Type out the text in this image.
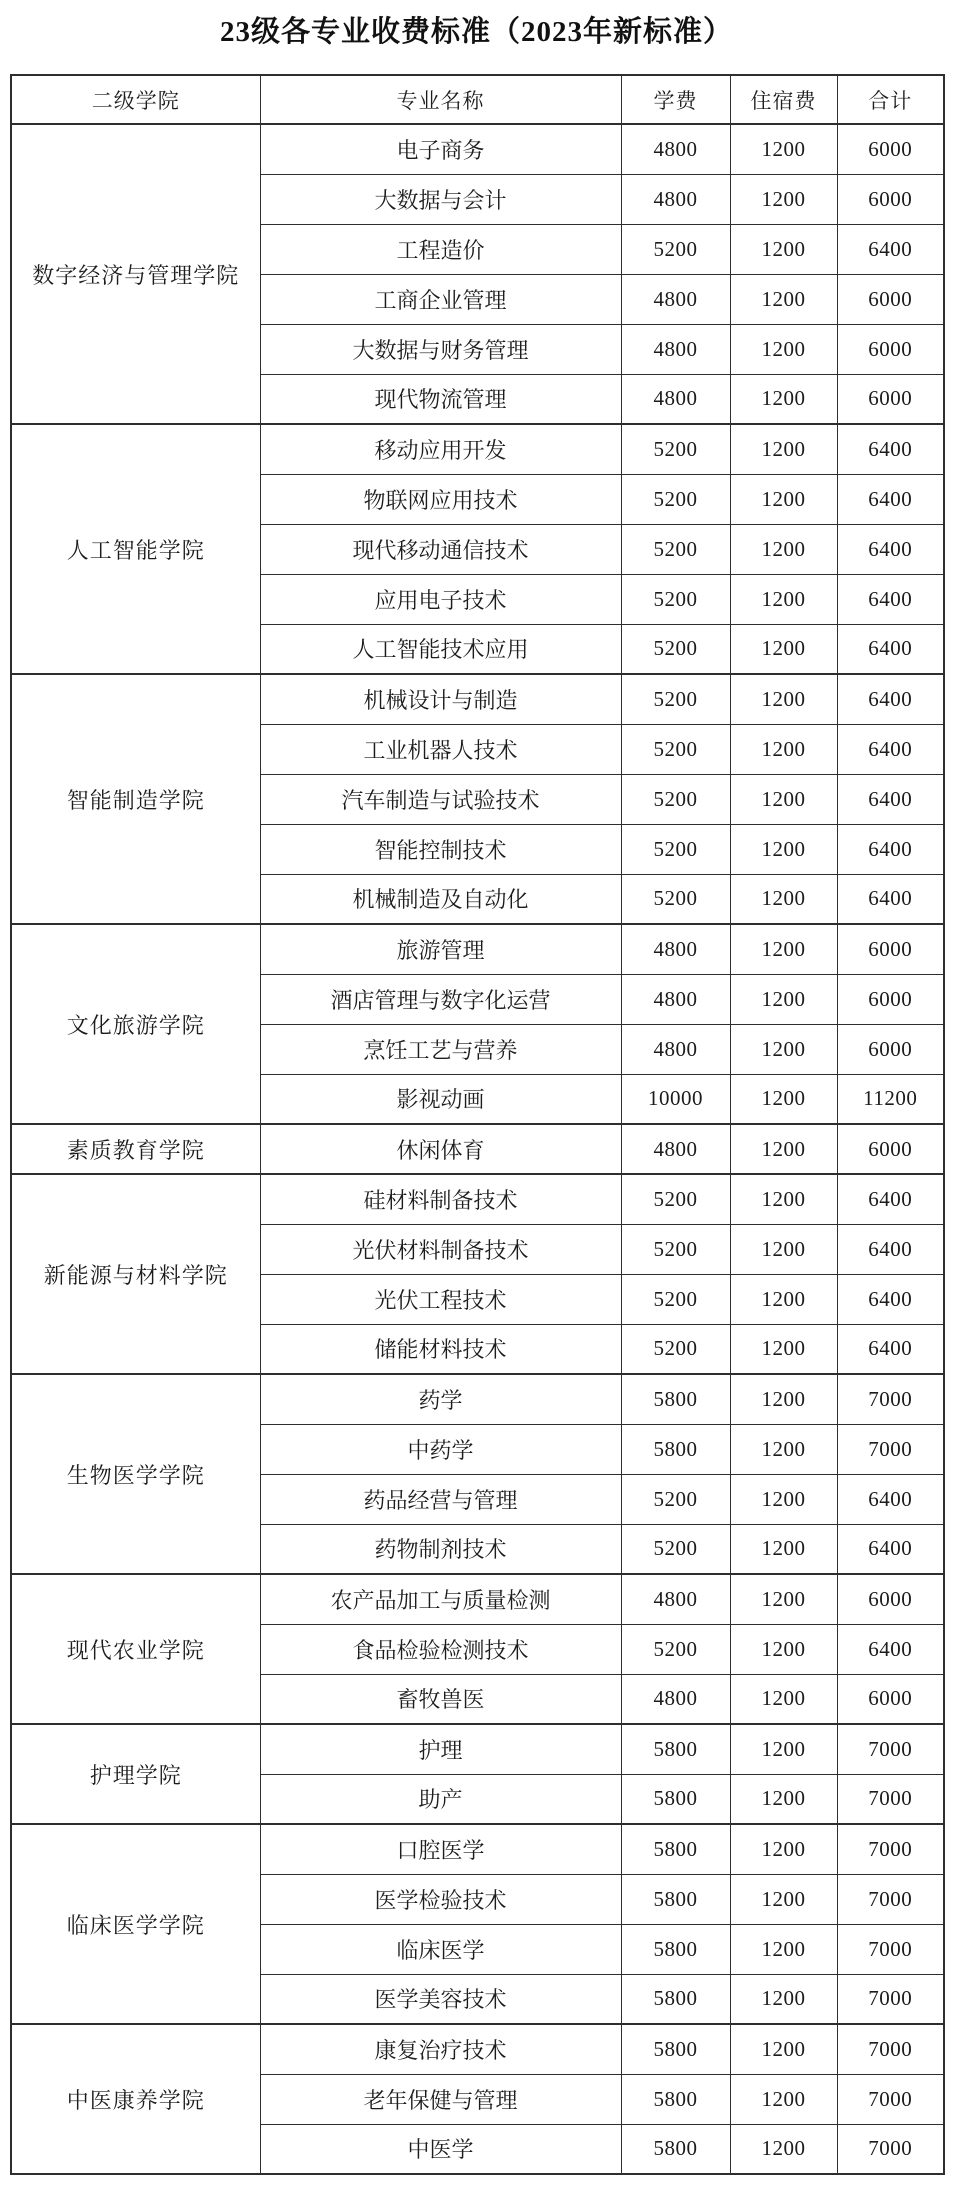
23级各专业收费标准（2023年新标准）
二级学院	专业名称	学费	住宿费	合计
数字经济与管理学院	电子商务	4800	1200	6000
	大数据与会计	4800	1200	6000
	工程造价	5200	1200	6400
	工商企业管理	4800	1200	6000
	大数据与财务管理	4800	1200	6000
	现代物流管理	4800	1200	6000
人工智能学院	移动应用开发	5200	1200	6400
	物联网应用技术	5200	1200	6400
	现代移动通信技术	5200	1200	6400
	应用电子技术	5200	1200	6400
	人工智能技术应用	5200	1200	6400
智能制造学院	机械设计与制造	5200	1200	6400
	工业机器人技术	5200	1200	6400
	汽车制造与试验技术	5200	1200	6400
	智能控制技术	5200	1200	6400
	机械制造及自动化	5200	1200	6400
文化旅游学院	旅游管理	4800	1200	6000
	酒店管理与数字化运营	4800	1200	6000
	烹饪工艺与营养	4800	1200	6000
	影视动画	10000	1200	11200
素质教育学院	休闲体育	4800	1200	6000
新能源与材料学院	硅材料制备技术	5200	1200	6400
	光伏材料制备技术	5200	1200	6400
	光伏工程技术	5200	1200	6400
	储能材料技术	5200	1200	6400
生物医学学院	药学	5800	1200	7000
	中药学	5800	1200	7000
	药品经营与管理	5200	1200	6400
	药物制剂技术	5200	1200	6400
现代农业学院	农产品加工与质量检测	4800	1200	6000
	食品检验检测技术	5200	1200	6400
	畜牧兽医	4800	1200	6000
护理学院	护理	5800	1200	7000
	助产	5800	1200	7000
临床医学学院	口腔医学	5800	1200	7000
	医学检验技术	5800	1200	7000
	临床医学	5800	1200	7000
	医学美容技术	5800	1200	7000
中医康养学院	康复治疗技术	5800	1200	7000
	老年保健与管理	5800	1200	7000
	中医学	5800	1200	7000
